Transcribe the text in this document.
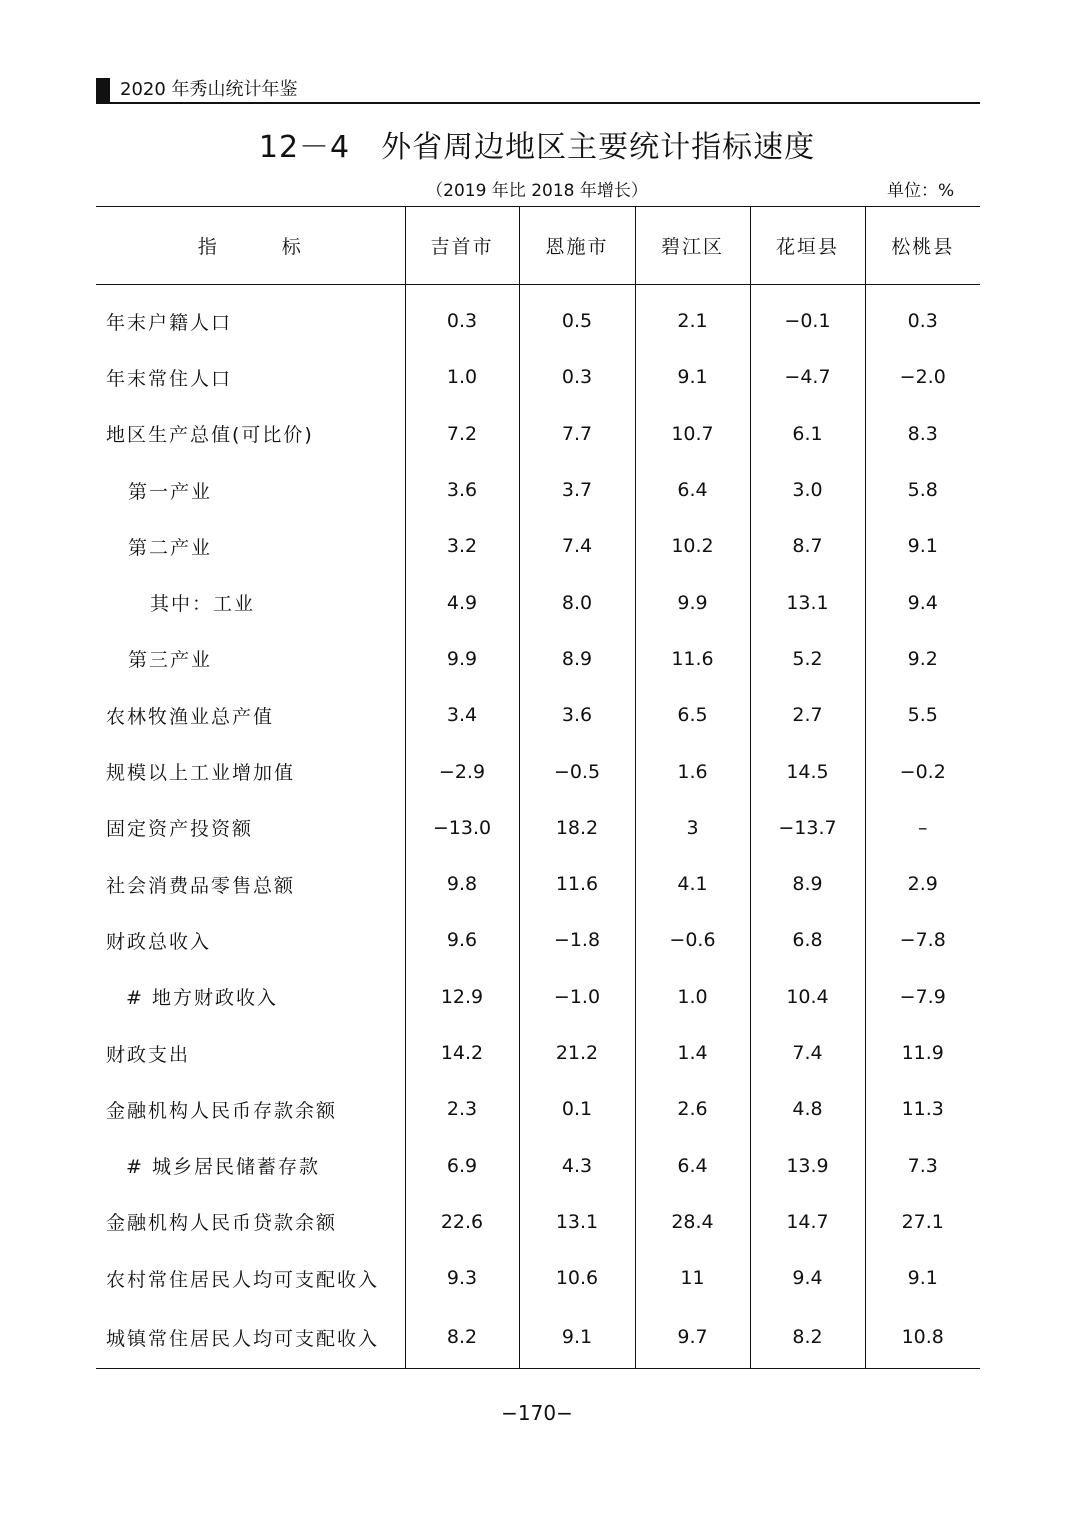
2020 年秀山统计年鉴
12－4　外省周边地区主要统计指标速度
（2019 年比 2018 年增长）	单位：%
指　　　标	吉首市	恩施市	碧江区	花垣县	松桃县
年末户籍人口	0.3	0.5	2.1	−0.1	0.3
年末常住人口	1.0	0.3	9.1	−4.7	−2.0
地区生产总值(可比价)	7.2	7.7	10.7	6.1	8.3
第一产业	3.6	3.7	6.4	3.0	5.8
第二产业	3.2	7.4	10.2	8.7	9.1
其中：工业	4.9	8.0	9.9	13.1	9.4
第三产业	9.9	8.9	11.6	5.2	9.2
农林牧渔业总产值	3.4	3.6	6.5	2.7	5.5
规模以上工业增加值	−2.9	−0.5	1.6	14.5	−0.2
固定资产投资额	−13.0	18.2	3	−13.7	–
社会消费品零售总额	9.8	11.6	4.1	8.9	2.9
财政总收入	9.6	−1.8	−0.6	6.8	−7.8
# 地方财政收入	12.9	−1.0	1.0	10.4	−7.9
财政支出	14.2	21.2	1.4	7.4	11.9
金融机构人民币存款余额	2.3	0.1	2.6	4.8	11.3
# 城乡居民储蓄存款	6.9	4.3	6.4	13.9	7.3
金融机构人民币贷款余额	22.6	13.1	28.4	14.7	27.1
农村常住居民人均可支配收入	9.3	10.6	11	9.4	9.1
城镇常住居民人均可支配收入	8.2	9.1	9.7	8.2	10.8
−170−
